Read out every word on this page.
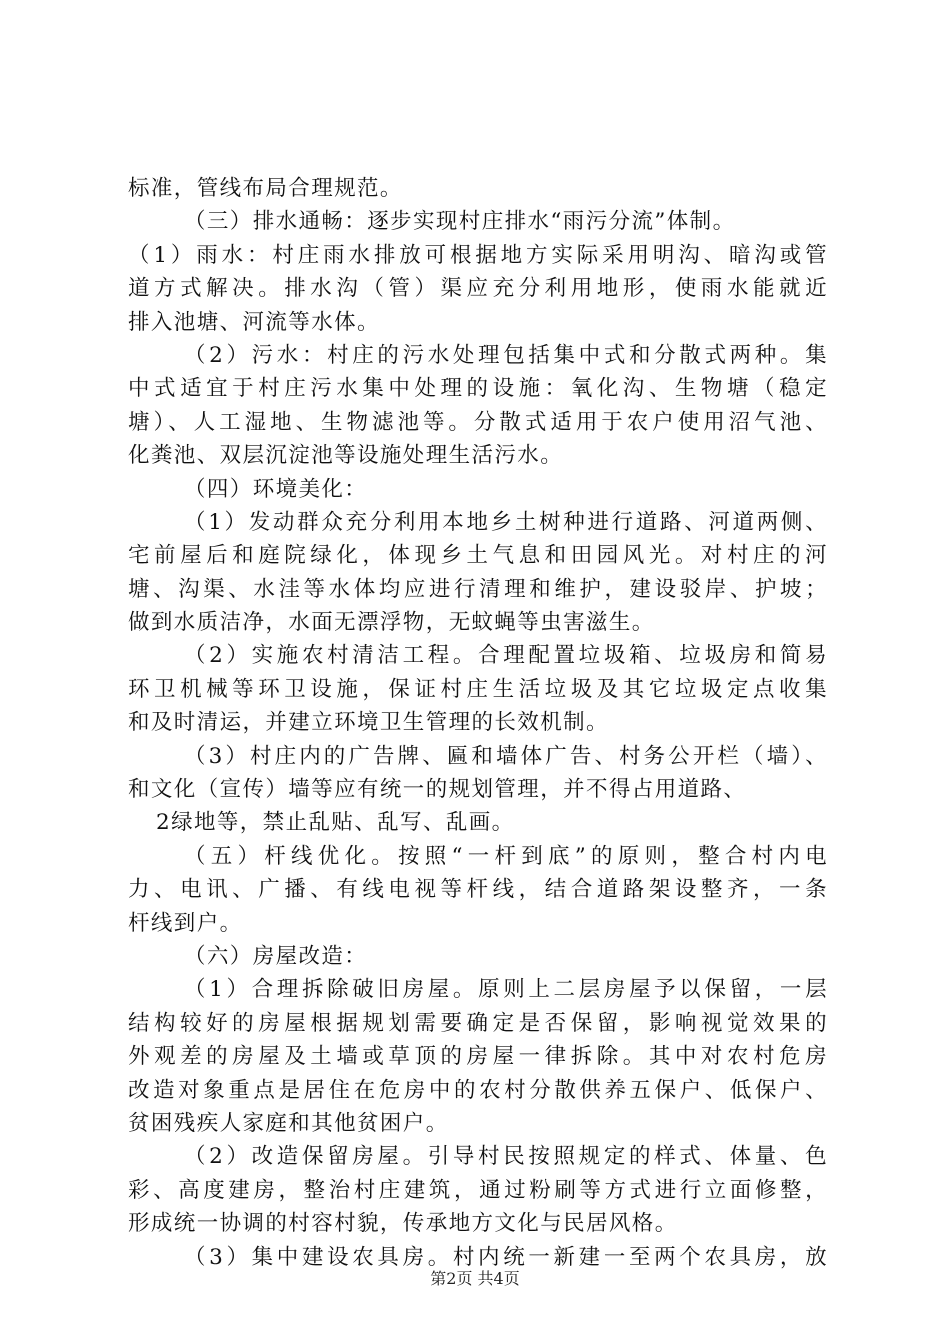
标准，管线布局合理规范。
（三）排水通畅：逐步实现村庄排水“雨污分流”体制。
（1）雨水：村庄雨水排放可根据地方实际采用明沟、暗沟或管
道方式解决。排水沟（管）渠应充分利用地形，使雨水能就近
排入池塘、河流等水体。
（2）污水：村庄的污水处理包括集中式和分散式两种。集
中式适宜于村庄污水集中处理的设施：氧化沟、生物塘（稳定
塘）、人工湿地、生物滤池等。分散式适用于农户使用沼气池、
化粪池、双层沉淀池等设施处理生活污水。
（四）环境美化：
（1）发动群众充分利用本地乡土树种进行道路、河道两侧、
宅前屋后和庭院绿化，体现乡土气息和田园风光。对村庄的河
塘、沟渠、水洼等水体均应进行清理和维护，建设驳岸、护坡；
做到水质洁净，水面无漂浮物，无蚊蝇等虫害滋生。
（2）实施农村清洁工程。合理配置垃圾箱、垃圾房和简易
环卫机械等环卫设施，保证村庄生活垃圾及其它垃圾定点收集
和及时清运，并建立环境卫生管理的长效机制。
（3）村庄内的广告牌、匾和墙体广告、村务公开栏（墙）、
和文化（宣传）墙等应有统一的规划管理，并不得占用道路、
2绿地等，禁止乱贴、乱写、乱画。
（五）杆线优化。按照“一杆到底”的原则，整合村内电
力、电讯、广播、有线电视等杆线，结合道路架设整齐，一条
杆线到户。
（六）房屋改造：
（1）合理拆除破旧房屋。原则上二层房屋予以保留，一层
结构较好的房屋根据规划需要确定是否保留，影响视觉效果的
外观差的房屋及土墙或草顶的房屋一律拆除。其中对农村危房
改造对象重点是居住在危房中的农村分散供养五保户、低保户、
贫困残疾人家庭和其他贫困户。
（2）改造保留房屋。引导村民按照规定的样式、体量、色
彩、高度建房，整治村庄建筑，通过粉刷等方式进行立面修整，
形成统一协调的村容村貌，传承地方文化与民居风格。
（3）集中建设农具房。村内统一新建一至两个农具房，放
第2页 共4页
